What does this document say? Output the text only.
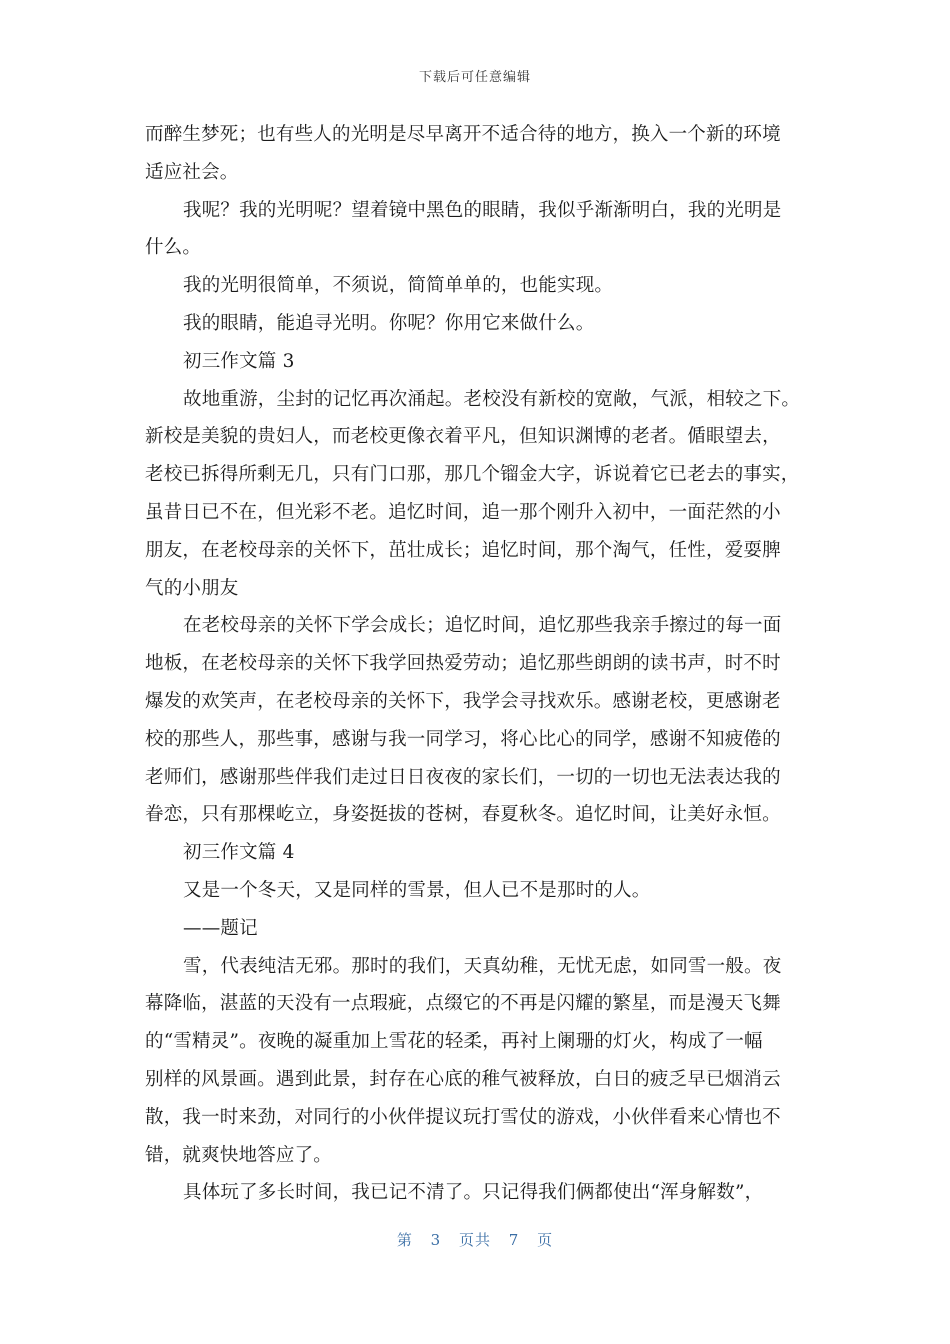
下载后可任意编辑
而醉生梦死；也有些人的光明是尽早离开不适合待的地方，换入一个新的环境
适应社会。
我呢？我的光明呢？望着镜中黑色的眼睛，我似乎渐渐明白，我的光明是
什么。
我的光明很简单，不须说，简简单单的，也能实现。
我的眼睛，能追寻光明。你呢？你用它来做什么。
初三作文篇 3
故地重游，尘封的记忆再次涌起。老校没有新校的宽敞，气派，相较之下。
新校是美貌的贵妇人，而老校更像衣着平凡，但知识渊博的老者。偱眼望去，
老校已拆得所剩无几，只有门口那，那几个镏金大字，诉说着它已老去的事实，
虽昔日已不在，但光彩不老。追忆时间，追一那个刚升入初中，一面茫然的小
朋友，在老校母亲的关怀下，茁壮成长；追忆时间，那个淘气，任性，爱耍脾
气的小朋友
在老校母亲的关怀下学会成长；追忆时间，追忆那些我亲手擦过的每一面
地板，在老校母亲的关怀下我学回热爱劳动；追忆那些朗朗的读书声，时不时
爆发的欢笑声，在老校母亲的关怀下，我学会寻找欢乐。感谢老校，更感谢老
校的那些人，那些事，感谢与我一同学习，将心比心的同学，感谢不知疲倦的
老师们，感谢那些伴我们走过日日夜夜的家长们，一切的一切也无法表达我的
眷恋，只有那棵屹立，身姿挺拔的苍树，春夏秋冬。追忆时间，让美好永恒。
初三作文篇 4
又是一个冬天，又是同样的雪景，但人已不是那时的人。
——题记
雪，代表纯洁无邪。那时的我们，天真幼稚，无忧无虑，如同雪一般。夜
幕降临，湛蓝的天没有一点瑕疵，点缀它的不再是闪耀的繁星，而是漫天飞舞
的“雪精灵”。夜晚的凝重加上雪花的轻柔，再衬上阑珊的灯火，构成了一幅
别样的风景画。遇到此景，封存在心底的稚气被释放，白日的疲乏早已烟消云
散，我一时来劲，对同行的小伙伴提议玩打雪仗的游戏，小伙伴看来心情也不
错，就爽快地答应了。
具体玩了多长时间，我已记不清了。只记得我们俩都使出“浑身解数”，
第 3 页共 7 页
